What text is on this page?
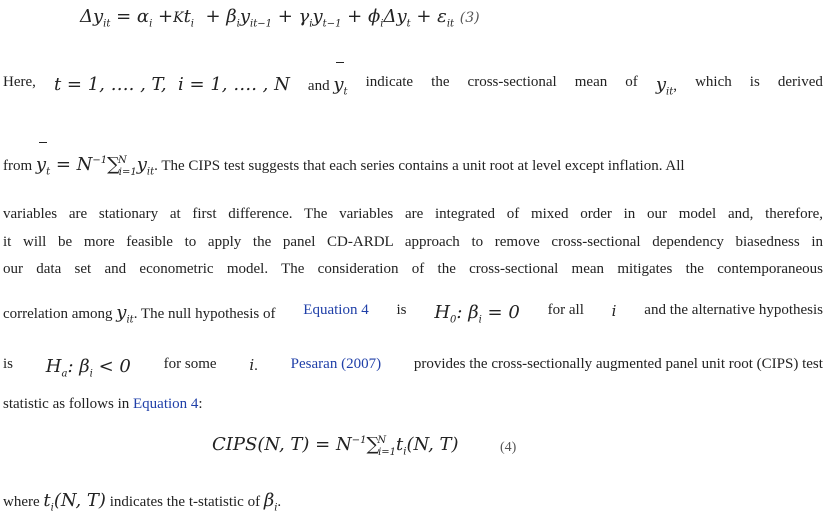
$\Delta y_{it} = \alpha_i +Kt_i + \beta_iy_{it-1} + \gamma_iy_{t-1} + \phi_i\Delta y_t + \varepsilon_{it}$ (3)
Here, t = 1, …. , T,  i = 1, …. , N and $y_t$
indicate the cross-sectional mean of $y_{it}$, which is derived
from $y_t = N^{-1}\sum^N_{i=1}y_{it}$. The CIPS test suggests that each series contains a unit root at level except inflation. All
variables are stationary at first difference. The variables are integrated of mixed order in our model and, therefore,
it will be more feasible to apply the panel CD-ARDL approach to remove cross-sectional dependency biasedness in
our data set and econometric model. The consideration of the cross-sectional mean mitigates the contemporaneous
correlation among $y_{it}$. The null hypothesis of Equation 4 is $H_0$: $\beta_i = 0$ for all i and the alternative hypothesis
is $H_a$: $\beta_i < 0$ for some i. Pesaran (2007) provides the cross-sectionally augmented panel unit root (CIPS) test
statistic as follows in Equation 4:
CIPS(N, $T) = N^{-1}\sum^N_{i=1}t_i(N$, T)	(4)
where $t_i(N$, T) indicates the t-statistic of $\beta_i$.
